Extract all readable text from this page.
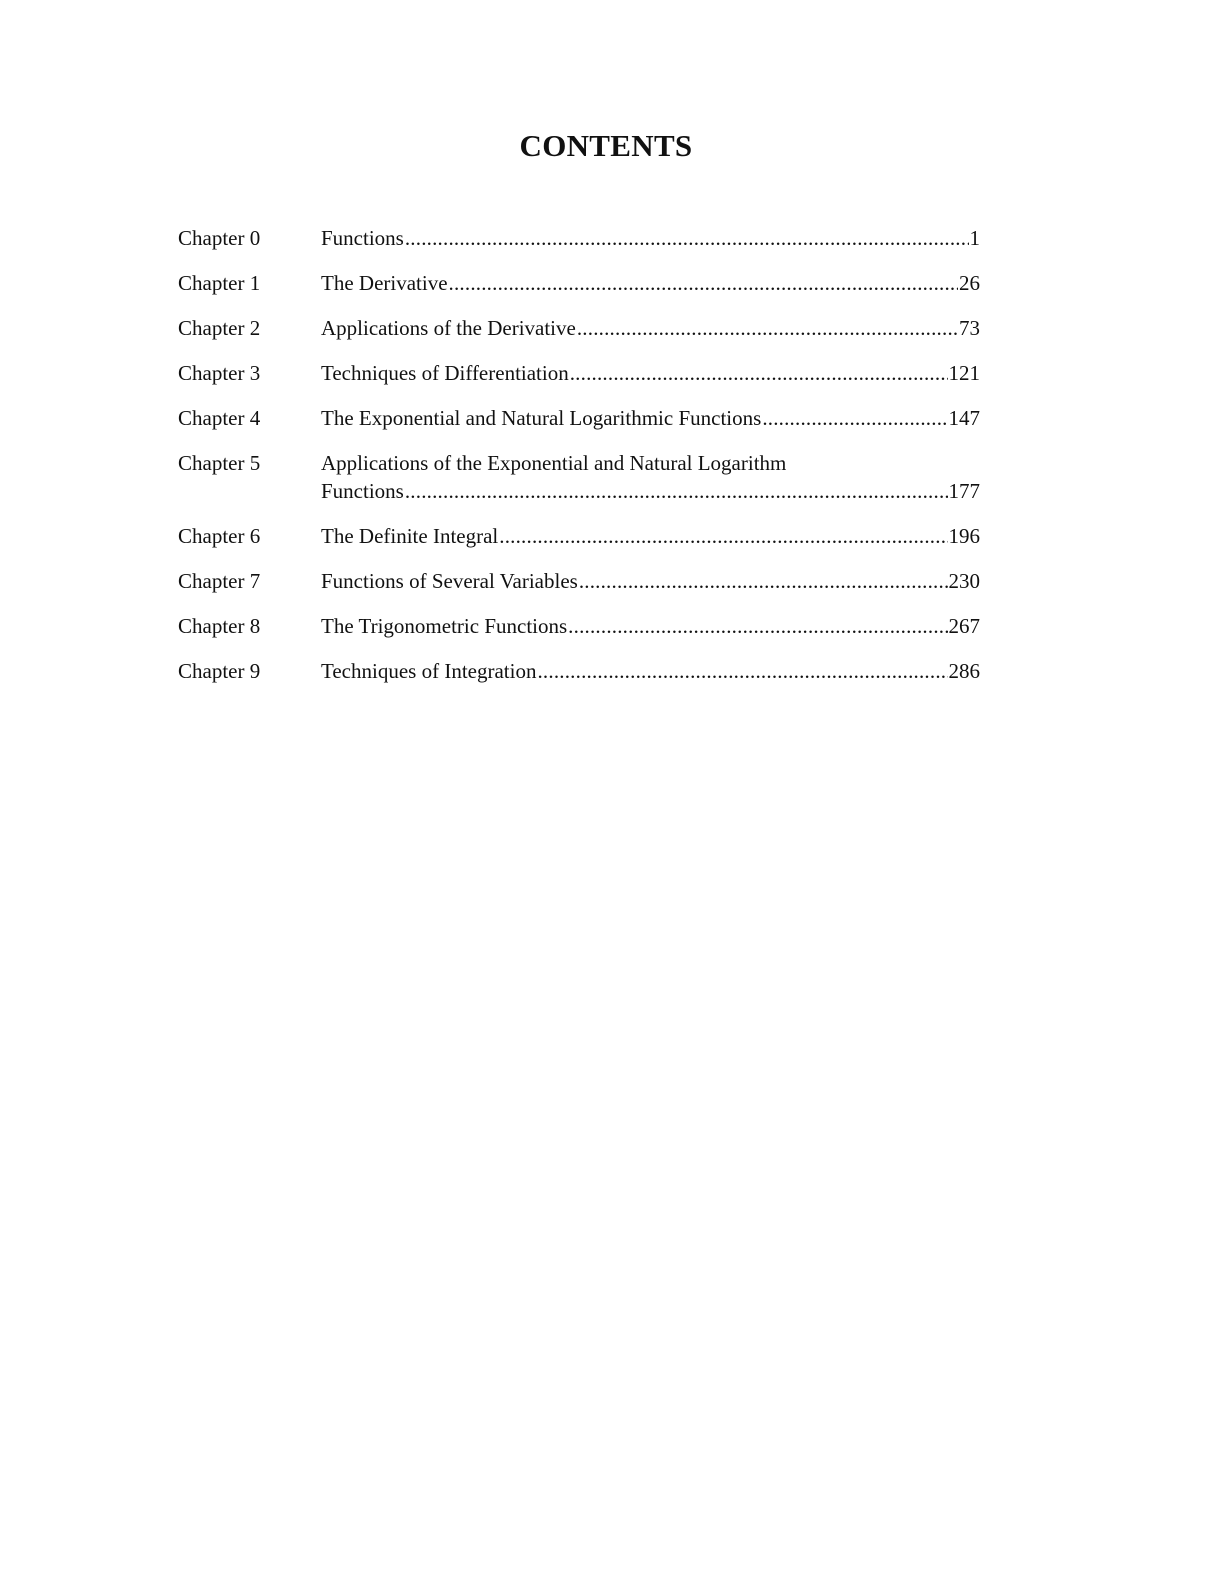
CONTENTS
Chapter 0	Functions .....	1
Chapter 1	The Derivative .....	26
Chapter 2	Applications of the Derivative .....	73
Chapter 3	Techniques of Differentiation .....	121
Chapter 4	The Exponential and Natural Logarithmic Functions .....	147
Chapter 5	Applications of the Exponential and Natural Logarithm
Functions .....	177
Chapter 6	The Definite Integral .....	196
Chapter 7	Functions of Several Variables .....	230
Chapter 8	The Trigonometric Functions .....	267
Chapter 9	Techniques of Integration .....	286
